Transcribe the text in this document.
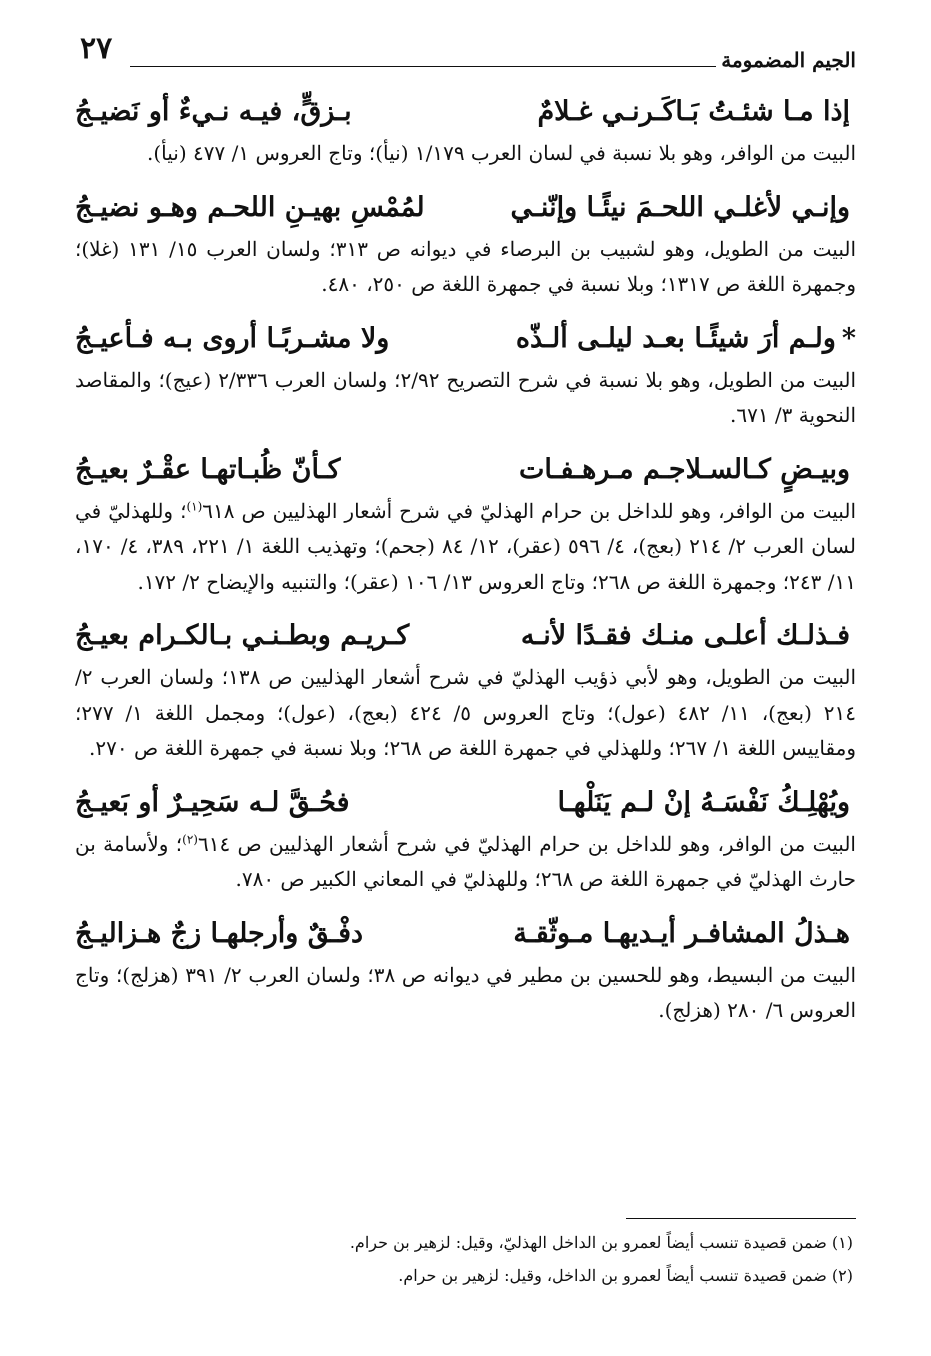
الجيم المضمومة
٢٧
إذا مـا شئـتُ بَـاكَـرنـي غـلامٌ
بـزقٍّ، فيـه نـيءٌ أو نَضيـجُ

البيت من الوافر، وهو بلا نسبة في لسان العرب ١/١٧٩ (نيأ)؛ وتاج العروس ١/ ٤٧٧ (نيأ).

وإنـي لأغلـي اللحـمَ نيئًـا وإنّنـي
لمُمْسِ بهيـنِ اللحـم وهـو نضيـجُ

البيت من الطويل، وهو لشبيب بن البرصاء في ديوانه ص ٣١٣؛ ولسان العرب ١٥/ ١٣١ (غلا)؛ وجمهرة اللغة ص ١٣١٧؛ وبلا نسبة في جمهرة اللغة ص ٢٥٠، ٤٨٠.

*ولـم أرَ شيئًـا بعـد ليلـى ألـذّه
ولا مشـربًـا أروى بـه فـأعيـجُ

البيت من الطويل، وهو بلا نسبة في شرح التصريح ٢/٩٢؛ ولسان العرب ٢/٣٣٦ (عيج)؛ والمقاصد النحوية ٣/ ٦٧١.

وبيـضٍ كـالسـلاجـم مـرهـفـات
كـأنّ ظُبـاتهـا عقْـرٌ بعيـجُ

البيت من الوافر، وهو للداخل بن حرام الهذليّ في شرح أشعار الهذليين ص ٦١٨$^{(١)}$؛ وللهذليّ في لسان العرب ٢/ ٢١٤ (بعج)، ٤/ ٥٩٦ (عقر)، ١٢/ ٨٤ (جحم)؛ وتهذيب اللغة ١/ ٢٢١، ٣٨٩، ٤/ ١٧٠، ١١/ ٢٤٣؛ وجمهرة اللغة ص ٢٦٨؛ وتاج العروس ١٣/ ١٠٦ (عقر)؛ والتنبيه والإيضاح ٢/ ١٧٢.

فـذلـك أعلـى منـك فقـدًا لأنـه
كـريـم وبطـنـي بـالكـرام بعيـجُ

البيت من الطويل، وهو لأبي ذؤيب الهذليّ في شرح أشعار الهذليين ص ١٣٨؛ ولسان العرب ٢/ ٢١٤ (بعج)، ١١/ ٤٨٢ (عول)؛ وتاج العروس ٥/ ٤٢٤ (بعج)، (عول)؛ ومجمل اللغة ١/ ٢٧٧؛ ومقاييس اللغة ١/ ٢٦٧؛ وللهذلي في جمهرة اللغة ص ٢٦٨؛ وبلا نسبة في جمهرة اللغة ص ٢٧٠.

ويُهْلِـكُ نَفْسَـهُ إنْ لـم يَنَلْهـا
فحُـقَّ لـه سَحِيـرٌ أو بَعيـجُ

البيت من الوافر، وهو للداخل بن حرام الهذليّ في شرح أشعار الهذليين ص ٦١٤$^{(٢)}$؛ ولأسامة بن حارث الهذليّ في جمهرة اللغة ص ٢٦٨؛ وللهذليّ في المعاني الكبير ص ٧٨٠.

هـذلُ المشافـر أيـديهـا مـوثّقـة
دفْـقٌ وأرجلهـا زجٌ هـزاليـجُ

البيت من البسيط، وهو للحسين بن مطير في ديوانه ص ٣٨؛ ولسان العرب ٢/ ٣٩١ (هزلج)؛ وتاج العروس ٦/ ٢٨٠ (هزلج).

(١) ضمن قصيدة تنسب أيضاً لعمرو بن الداخل الهذليّ، وقيل: لزهير بن حرام.

(٢) ضمن قصيدة تنسب أيضاً لعمرو بن الداخل، وقيل: لزهير بن حرام.
